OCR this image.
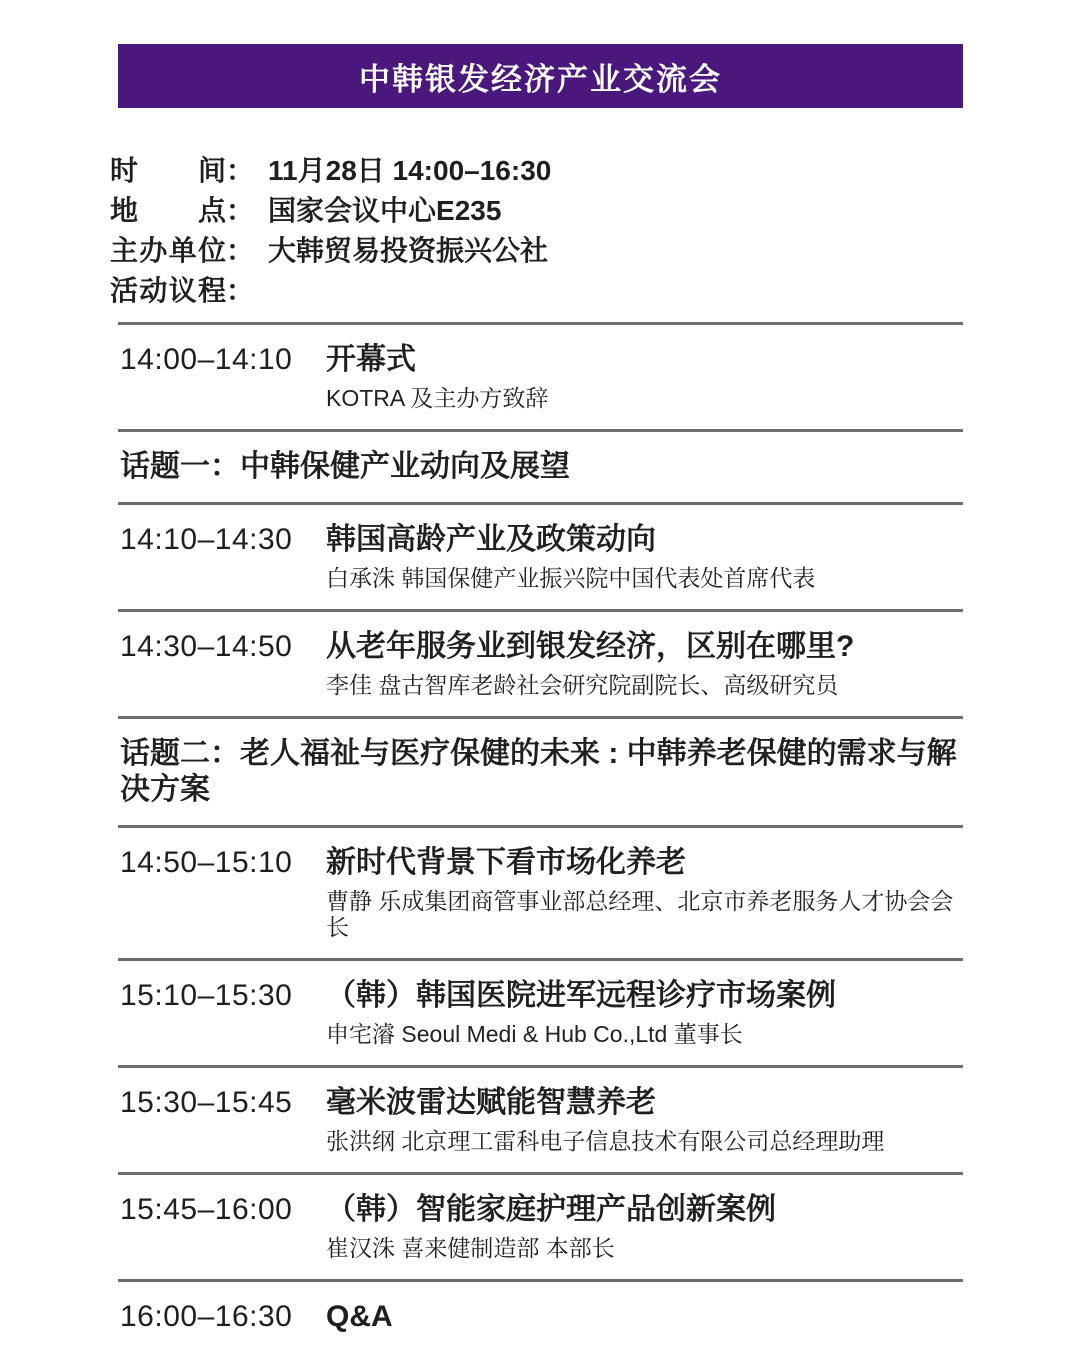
中韩银发经济产业交流会
时间： 11月28日 14:00–16:30
地点： 国家会议中心E235
主办单位： 大韩贸易投资振兴公社
活动议程：
14:00–14:10	开幕式
KOTRA 及主办方致辞
话题一：中韩保健产业动向及展望
14:10–14:30	韩国高龄产业及政策动向
白承洙 韩国保健产业振兴院中国代表处首席代表
14:30–14:50	从老年服务业到银发经济，区别在哪里?
李佳 盘古智库老龄社会研究院副院长、高级研究员
话题二：老人福祉与医疗保健的未来 : 中韩养老保健的需求与解决方案
14:50–15:10	新时代背景下看市场化养老
曹静 乐成集团商管事业部总经理、北京市养老服务人才协会会长
15:10–15:30	（韩）韩国医院进军远程诊疗市场案例
申宅濬 Seoul Medi & Hub Co.,Ltd 董事长
15:30–15:45	毫米波雷达赋能智慧养老
张洪纲 北京理工雷科电子信息技术有限公司总经理助理
15:45–16:00	（韩）智能家庭护理产品创新案例
崔汉洙 喜来健制造部 本部长
16:00–16:30	Q&A
